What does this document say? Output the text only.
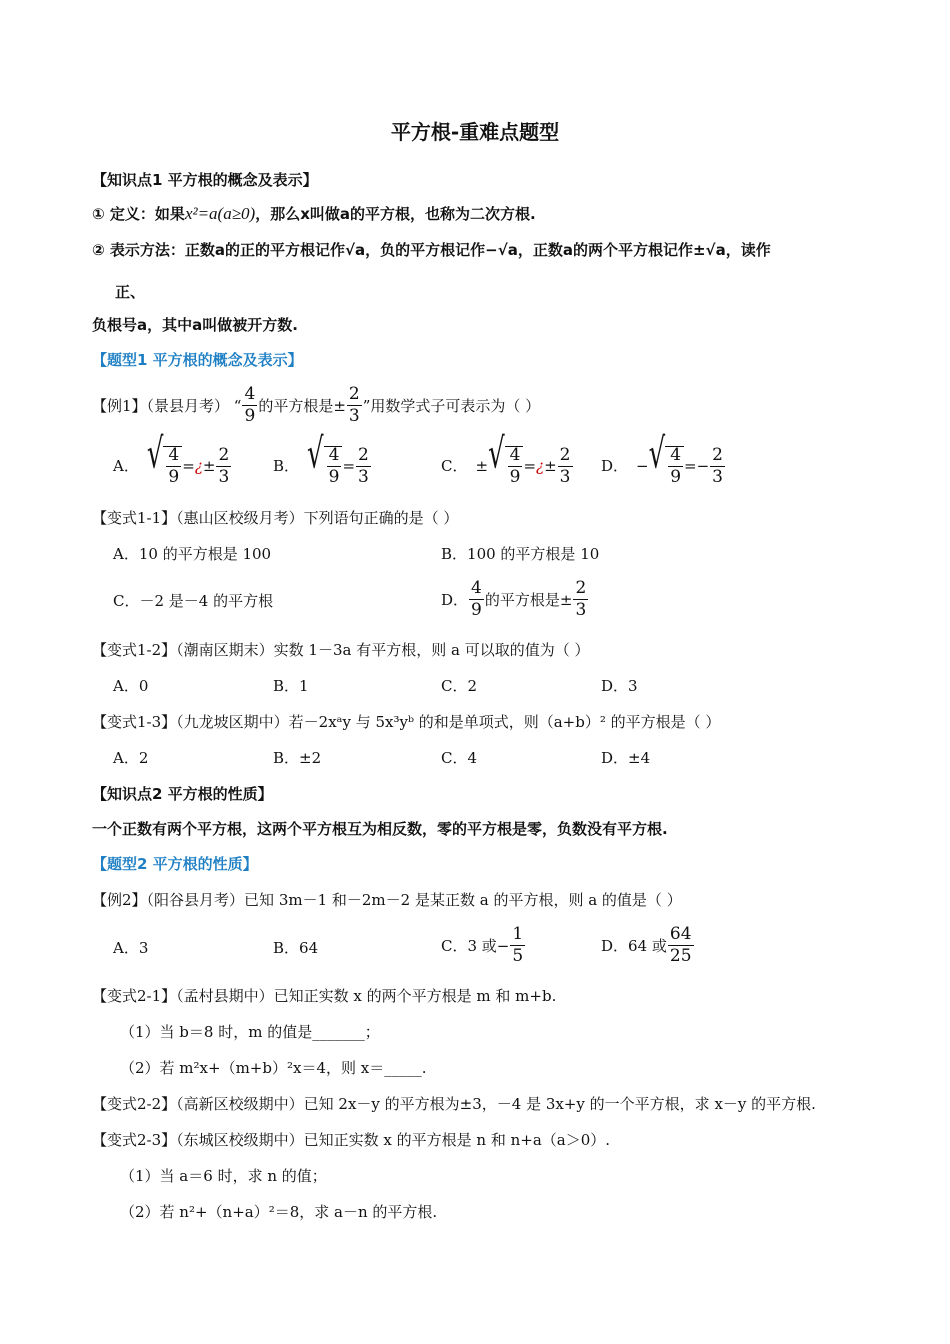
平方根-重难点题型
【知识点1 平方根的概念及表示】
① 定义：如果x²=a(a≥0)，那么x叫做a的平方根，也称为二次方根.
② 表示方法：正数a的正的平方根记作√a，负的平方根记作−√a，正数a的两个平方根记作±√a，读作
正、
负根号a，其中a叫做被开方数.
【题型1 平方根的概念及表示】
【例1】（景县月考） “ $\frac{4}{9}$ 的平方根是± $\frac{2}{3}$ ”用数学式子可表示为（ ）
A． √ $\frac{4}{9}$ = ¿ ± $\frac{2}{3}$	B． √ $\frac{4}{9} = \frac{2}{3}$	C． ± √ $\frac{4}{9}$ = ¿ ± $\frac{2}{3}$ D． − √ $\frac{4}{9}$ = − $\frac{2}{3}$
【变式1-1】（惠山区校级月考）下列语句正确的是（ ）
A．10 的平方根是 100	B．100 的平方根是 10
C．－2 是－4 的平方根	D． $\frac{4}{9}$ 的平方根是± $\frac{2}{3}$
【变式1-2】（潮南区期末）实数 1－3a 有平方根，则 a 可以取的值为（ ）
A．0	B．1	C．2	D．3
【变式1-3】（九龙坡区期中）若－2xᵃy 与 5x³yᵇ 的和是单项式，则（a+b）² 的平方根是（ ）
A．2	B．±2	C．4	D．±4
【知识点2 平方根的性质】
一个正数有两个平方根，这两个平方根互为相反数，零的平方根是零，负数没有平方根.
【题型2 平方根的性质】
【例2】（阳谷县月考）已知 3m－1 和－2m－2 是某正数 a 的平方根，则 a 的值是（ ）
A．3	B．64	C．3 或− $\frac{1}{5}$	D．64 或 $\frac{64}{25}$
【变式2-1】（孟村县期中）已知正实数 x 的两个平方根是 m 和 m+b.
（1）当 b＝8 时，m 的值是_______；
（2）若 m²x+（m+b）²x＝4，则 x＝_____.
【变式2-2】（高新区校级期中）已知 2x－y 的平方根为±3，－4 是 3x+y 的一个平方根，求 x－y 的平方根.
【变式2-3】（东城区校级期中）已知正实数 x 的平方根是 n 和 n+a（a＞0）.
（1）当 a＝6 时，求 n 的值；
（2）若 n²+（n+a）²＝8，求 a－n 的平方根.
